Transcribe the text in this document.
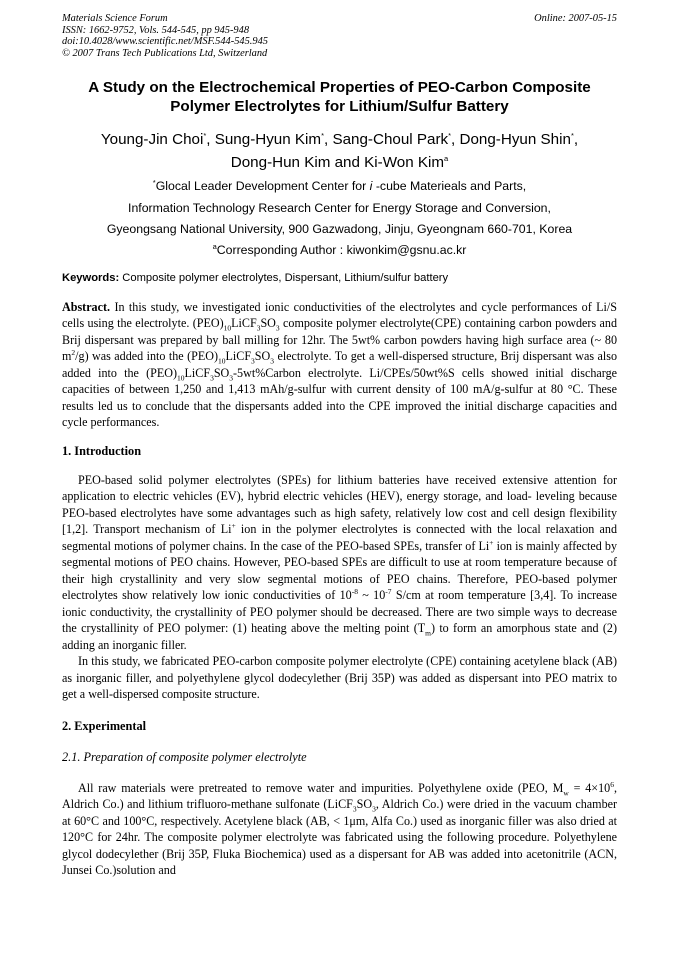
Materials Science Forum
ISSN: 1662-9752, Vols. 544-545, pp 945-948
doi:10.4028/www.scientific.net/MSF.544-545.945
© 2007 Trans Tech Publications Ltd, Switzerland
Online: 2007-05-15
A Study on the Electrochemical Properties of PEO-Carbon Composite
Polymer Electrolytes for Lithium/Sulfur Battery
Young-Jin Choi*, Sung-Hyun Kim*, Sang-Choul Park*, Dong-Hyun Shin*,
Dong-Hun Kim and Ki-Won Kim$^a$
*Glocal Leader Development Center for i -cube Materieals and Parts,
Information Technology Research Center for Energy Storage and Conversion,
Gyeongsang National University, 900 Gazwadong, Jinju, Gyeongnam 660-701, Korea
$^a$Corresponding Author : kiwonkim@gsnu.ac.kr
Keywords: Composite polymer electrolytes, Dispersant, Lithium/sulfur battery

Abstract. In this study, we investigated ionic conductivities of the electrolytes and cycle performances of Li/S cells using the electrolyte. $(PEO)_{10}LiCF_3SO_3$ composite polymer electrolyte(CPE) containing carbon powders and Brij dispersant was prepared by ball milling for 12hr. The 5wt% carbon powders having high surface area (~ 80 $m^2/g$) was added into the $(PEO)_{10}LiCF_3SO_3$ electrolyte. To get a well-dispersed structure, Brij dispersant was also added into the $(PEO)_{10}LiCF_3SO_3-5wt\%Carbon$ electrolyte. Li/CPEs/50wt%S cells showed initial discharge capacities of between 1,250 and 1,413 mAh/g-sulfur with current density of 100 mA/g-sulfur at 80 °C. These results led us to conclude that the dispersants added into the CPE improved the initial discharge capacities and cycle performances.

1. Introduction

PEO-based solid polymer electrolytes (SPEs) for lithium batteries have received extensive attention for application to electric vehicles (EV), hybrid electric vehicles (HEV), energy storage, and load- leveling because PEO-based electrolytes have some advantages such as high safety, relatively low cost and cell design flexibility [1,2]. Transport mechanism of Li+ ion in the polymer electrolytes is connected with the local relaxation and segmental motions of polymer chains. In the case of the PEO-based SPEs, transfer of Li+ ion is mainly affected by segmental motions of PEO chains. However, PEO-based SPEs are difficult to use at room temperature because of their high crystallinity and very slow segmental motions of PEO chains. Therefore, PEO-based polymer electrolytes show relatively low ionic conductivities of $10^{-8}$ ~ $10^{-7}$ S/cm at room temperature [3,4]. To increase ionic conductivity, the crystallinity of PEO polymer should be decreased. There are two simple ways to decrease the crystallinity of PEO polymer: (1) heating above the melting point $(T_m)$ to form an amorphous state and (2) adding an inorganic filler.

In this study, we fabricated PEO-carbon composite polymer electrolyte (CPE) containing acetylene black (AB) as inorganic filler, and polyethylene glycol dodecylether (Brij 35P) was added as dispersant into PEO matrix to get a well-dispersed composite structure.

2. Experimental
2.1. Preparation of composite polymer electrolyte

All raw materials were pretreated to remove water and impurities. Polyethylene oxide (PEO, $M_w = 4\times 10^6$, Aldrich Co.) and lithium trifluoro-methane sulfonate ($LiCF_3SO_3$, Aldrich Co.) were dried in the vacuum chamber at 60°C and 100°C, respectively. Acetylene black (AB, < 1μm, Alfa Co.) used as inorganic filler was also dried at 120°C for 24hr. The composite polymer electrolyte was fabricated using the following procedure. Polyethylene glycol dodecylether (Brij 35P, Fluka Biochemica) used as a dispersant for AB was added into acetonitrile (ACN, Junsei Co.)solution and
